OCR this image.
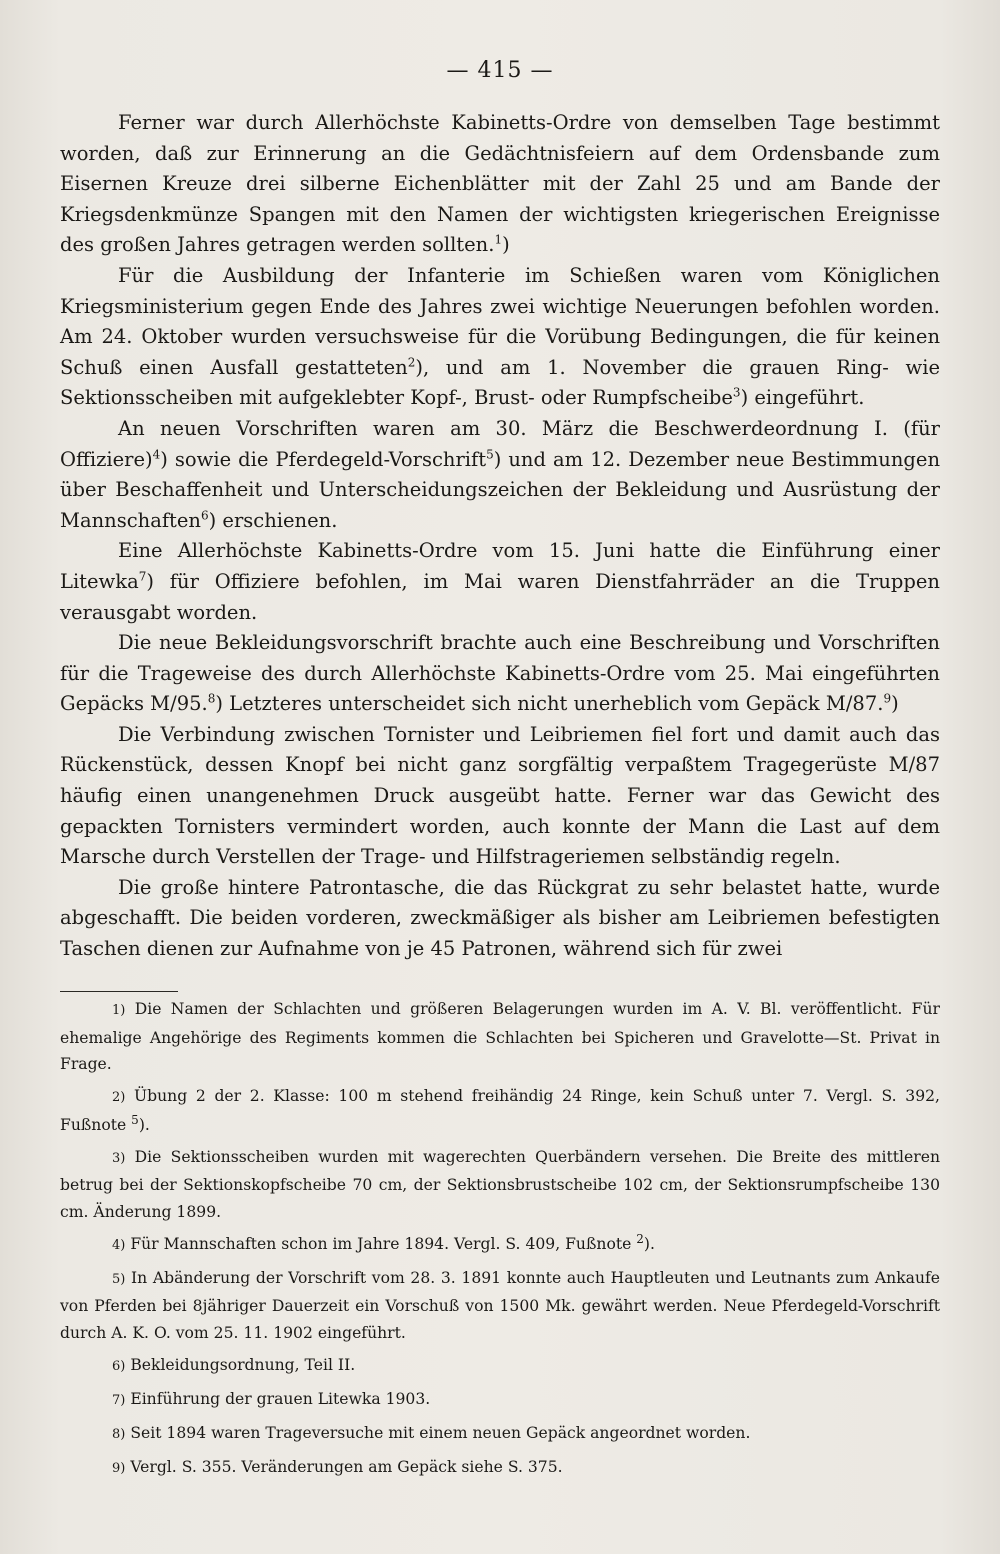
— 415 —

Ferner war durch Allerhöchste Kabinetts-Ordre von demselben Tage bestimmt worden, daß zur Erinnerung an die Gedächtnisfeiern auf dem Ordensbande zum Eisernen Kreuze drei silberne Eichenblätter mit der Zahl 25 und am Bande der Kriegsdenkmünze Spangen mit den Namen der wichtigsten kriegerischen Ereignisse des großen Jahres getragen werden sollten.$^1$)

Für die Ausbildung der Infanterie im Schießen waren vom Königlichen Kriegsministerium gegen Ende des Jahres zwei wichtige Neuerungen befohlen worden. Am 24. Oktober wurden versuchsweise für die Vorübung Bedingungen, die für keinen Schuß einen Ausfall gestatteten$^2$), und am 1. November die grauen Ring- wie Sektionsscheiben mit aufgeklebter Kopf-, Brust- oder Rumpfscheibe$^3$) eingeführt.

An neuen Vorschriften waren am 30. März die Beschwerdeordnung I. (für Offiziere)$^4$) sowie die Pferdegeld-Vorschrift$^5$) und am 12. Dezember neue Bestimmungen über Beschaffenheit und Unterscheidungszeichen der Bekleidung und Ausrüstung der Mannschaften$^6$) erschienen.

Eine Allerhöchste Kabinetts-Ordre vom 15. Juni hatte die Einführung einer Litewka$^7$) für Offiziere befohlen, im Mai waren Dienstfahrräder an die Truppen verausgabt worden.

Die neue Bekleidungsvorschrift brachte auch eine Beschreibung und Vorschriften für die Trageweise des durch Allerhöchste Kabinetts-Ordre vom 25. Mai eingeführten Gepäcks M/95.$^8$) Letzteres unterscheidet sich nicht unerheblich vom Gepäck M/87.$^9$)

Die Verbindung zwischen Tornister und Leibriemen fiel fort und damit auch das Rückenstück, dessen Knopf bei nicht ganz sorgfältig verpaßtem Tragegerüste M/87 häufig einen unangenehmen Druck ausgeübt hatte. Ferner war das Gewicht des gepackten Tornisters vermindert worden, auch konnte der Mann die Last auf dem Marsche durch Verstellen der Trage- und Hilfstrageriemen selbständig regeln.

Die große hintere Patrontasche, die das Rückgrat zu sehr belastet hatte, wurde abgeschafft. Die beiden vorderen, zweckmäßiger als bisher am Leibriemen befestigten Taschen dienen zur Aufnahme von je 45 Patronen, während sich für zwei

1) Die Namen der Schlachten und größeren Belagerungen wurden im A. V. Bl. veröffentlicht. Für ehemalige Angehörige des Regiments kommen die Schlachten bei Spicheren und Gravelotte—St. Privat in Frage.
2) Übung 2 der 2. Klasse: 100 m stehend freihändig 24 Ringe, kein Schuß unter 7. Vergl. S. 392, Fußnote $^5$).
3) Die Sektionsscheiben wurden mit wagerechten Querbändern versehen. Die Breite des mittleren betrug bei der Sektionskopfscheibe 70 cm, der Sektionsbrustscheibe 102 cm, der Sektionsrumpfscheibe 130 cm. Änderung 1899.
4) Für Mannschaften schon im Jahre 1894. Vergl. S. 409, Fußnote $^2$).
5) In Abänderung der Vorschrift vom 28. 3. 1891 konnte auch Hauptleuten und Leutnants zum Ankaufe von Pferden bei 8jähriger Dauerzeit ein Vorschuß von 1500 Mk. gewährt werden. Neue Pferdegeld-Vorschrift durch A. K. O. vom 25. 11. 1902 eingeführt.
6) Bekleidungsordnung, Teil II.
7) Einführung der grauen Litewka 1903.
8) Seit 1894 waren Trageversuche mit einem neuen Gepäck angeordnet worden.
9) Vergl. S. 355. Veränderungen am Gepäck siehe S. 375.
